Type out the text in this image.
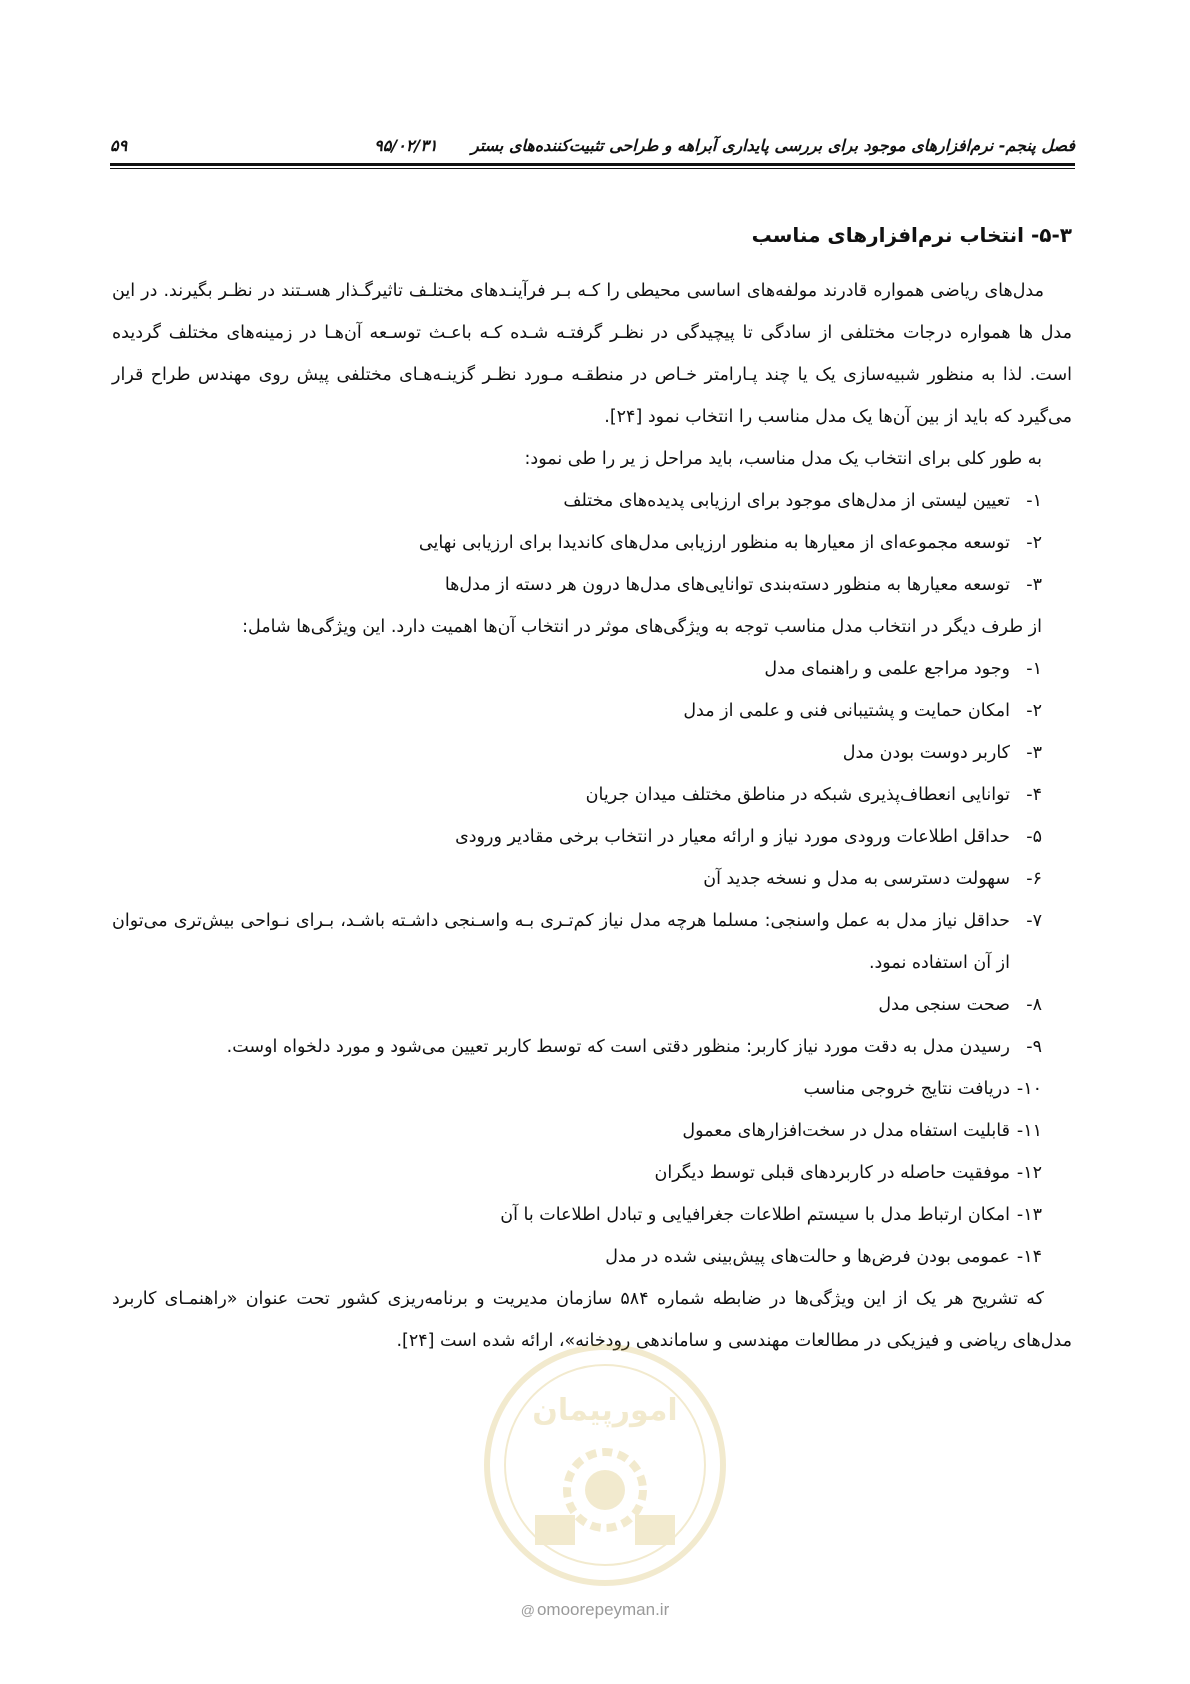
فصل پنجم- نرم‌افزارهای موجود برای بررسی پایداری آبراهه و طراحی تثبیت‌کننده‌های بستر ۹۵/۰۲/۳۱
۵۹
۵-۳- انتخاب نرم‌افزارهای مناسب
مدل‌های ریاضی همواره قادرند مولفه‌های اساسی محیطی را کـه بـر فرآینـدهای مختلـف تاثیرگـذار هسـتند در نظـر بگیرند. در این مدل ها همواره درجات مختلفی از سادگی تا پیچیدگی در نظـر گرفتـه شـده کـه باعـث توسـعه آن‌هـا در زمینه‌های مختلف گردیده است. لذا به منظور شبیه‌سازی یک یا چند پـارامتر خـاص در منطقـه مـورد نظـر گزینـه‌هـای مختلفی پیش روی مهندس طراح قرار می‌گیرد که باید از بین آن‌ها یک مدل مناسب را انتخاب نمود [۲۴].
به طور کلی برای انتخاب یک مدل مناسب، باید مراحل ز یر را طی نمود:
۱-
تعیین لیستی از مدل‌های موجود برای ارزیابی پدیده‌های مختلف
۲-
توسعه مجموعه‌ای از معیارها به منظور ارزیابی مدل‌های کاندیدا برای ارزیابی نهایی
۳-
توسعه معیارها به منظور دسته‌بندی توانایی‌های مدل‌ها درون هر دسته از مدل‌ها
از طرف دیگر در انتخاب مدل مناسب توجه به ویژگی‌های موثر در انتخاب آن‌ها اهمیت دارد. این ویژگی‌ها شامل:
۱-
وجود مراجع علمی و راهنمای مدل
۲-
امکان حمایت و پشتیبانی فنی و علمی از مدل
۳-
کاربر دوست بودن مدل
۴-
توانایی انعطاف‌پذیری شبکه در مناطق مختلف میدان جریان
۵-
حداقل اطلاعات ورودی مورد نیاز و ارائه معیار در انتخاب برخی مقادیر ورودی
۶-
سهولت دسترسی به مدل و نسخه جدید آن
۷-
حداقل نیاز مدل به عمل واسنجی: مسلما هرچه مدل نیاز کم‌تـری بـه واسـنجی داشـته باشـد، بـرای نـواحی بیش‌تری می‌توان از آن استفاده نمود.
۸-
صحت سنجی مدل
۹-
رسیدن مدل به دقت مورد نیاز کاربر: منظور دقتی است که توسط کاربر تعیین می‌شود و مورد دلخواه اوست.
۱۰-
دریافت نتایج خروجی مناسب
۱۱-
قابلیت استفاه مدل در سخت‌افزارهای معمول
۱۲-
موفقیت حاصله در کاربردهای قبلی توسط دیگران
۱۳-
امکان ارتباط مدل با سیستم اطلاعات جغرافیایی و تبادل اطلاعات با آن
۱۴-
عمومی بودن فرض‌ها و حالت‌های پیش‌بینی شده در مدل
که تشریح هر یک از این ویژگی‌ها در ضابطه شماره ۵۸۴ سازمان مدیریت و برنامه‌ریزی کشور تحت عنوان «راهنمـای کاربرد مدل‌های ریاضی و فیزیکی در مطالعات مهندسی و ساماندهی رودخانه»، ارائه شده است [۲۴].
امورپیمان
@ omoorepeyman.ir
